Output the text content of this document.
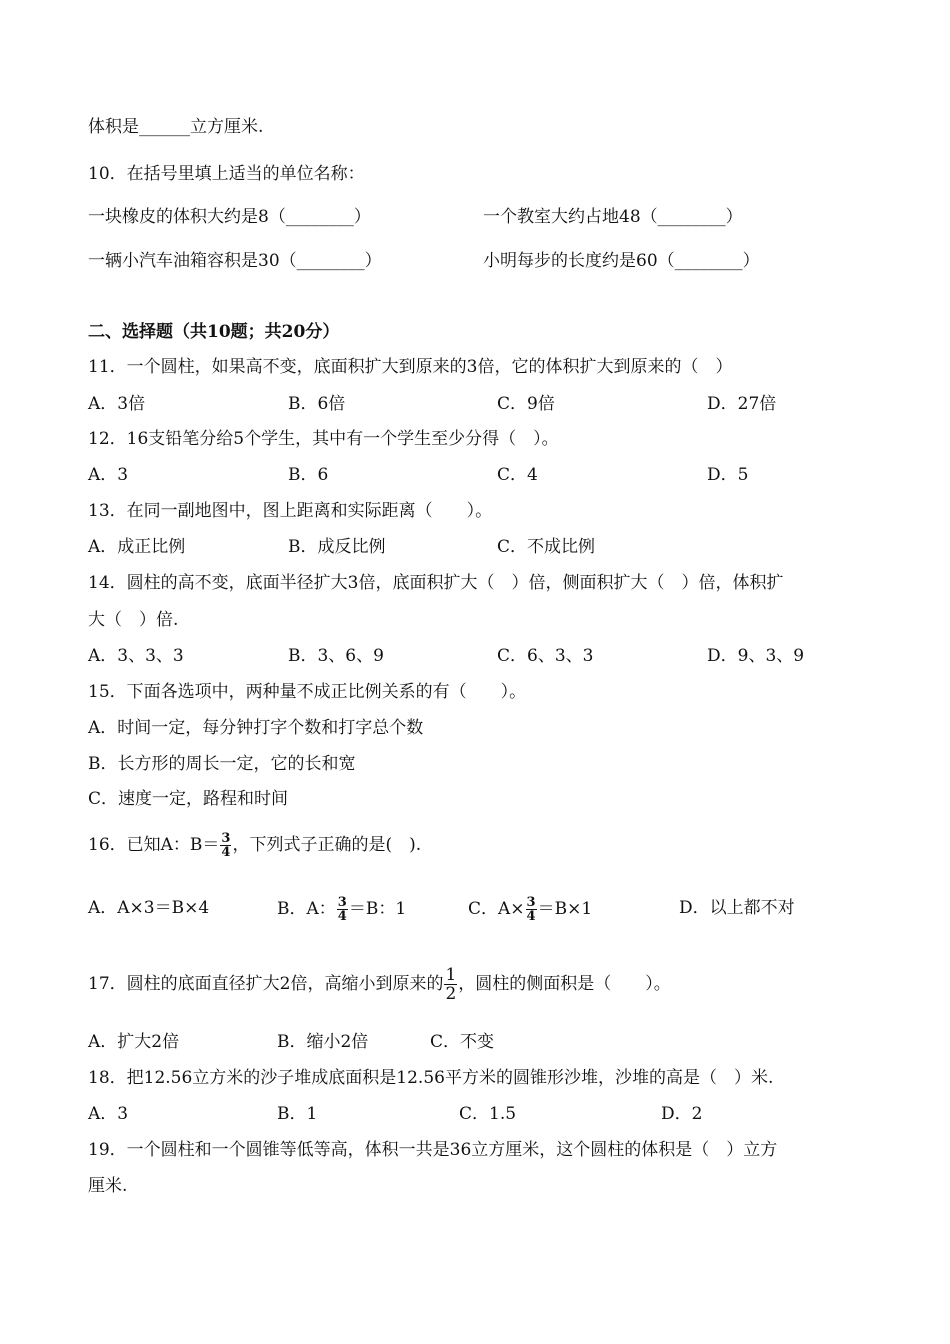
体积是______立方厘米.
10．在括号里填上适当的单位名称：
一块橡皮的体积大约是8（________）	一个教室大约占地48（________）
一辆小汽车油箱容积是30（________）	小明每步的长度约是60（________）
二、选择题（共10题；共20分）
11．一个圆柱，如果高不变，底面积扩大到原来的3倍，它的体积扩大到原来的（　）
A．3倍	B．6倍	C．9倍	D．27倍
12．16支铅笔分给5个学生，其中有一个学生至少分得（　）。
A．3	B．6	C．4	D．5
13．在同一副地图中，图上距离和实际距离（　　）。
A．成正比例	B．成反比例	C．不成比例
14．圆柱的高不变，底面半径扩大3倍，底面积扩大（　）倍，侧面积扩大（　）倍，体积扩
大（　）倍.
A．3、3、3	B．3、6、9	C．6、3、3	D．9、3、9
15．下面各选项中，两种量不成正比例关系的有（　　）。
A．时间一定，每分钟打字个数和打字总个数
B．长方形的周长一定，它的长和宽
C．速度一定，路程和时间
16．已知A：$B= \frac{3}{4}$ ，下列式子正确的是(　).
A．A×3＝B×4	B．A： $\frac{3}{4} =B$：1	C．$A\times \frac{3}{4} =B\times 1$	D．以上都不对
17．圆柱的底面直径扩大2倍，高缩小到原来的 $\frac{1}{2}$ ，圆柱的侧面积是（　　）。
A．扩大2倍	B．缩小2倍	C．不变
18．把12.56立方米的沙子堆成底面积是12.56平方米的圆锥形沙堆，沙堆的高是（　）米.
A．3	B．1	C．1.5	D．2
19．一个圆柱和一个圆锥等低等高，体积一共是36立方厘米，这个圆柱的体积是（　）立方
厘米.
